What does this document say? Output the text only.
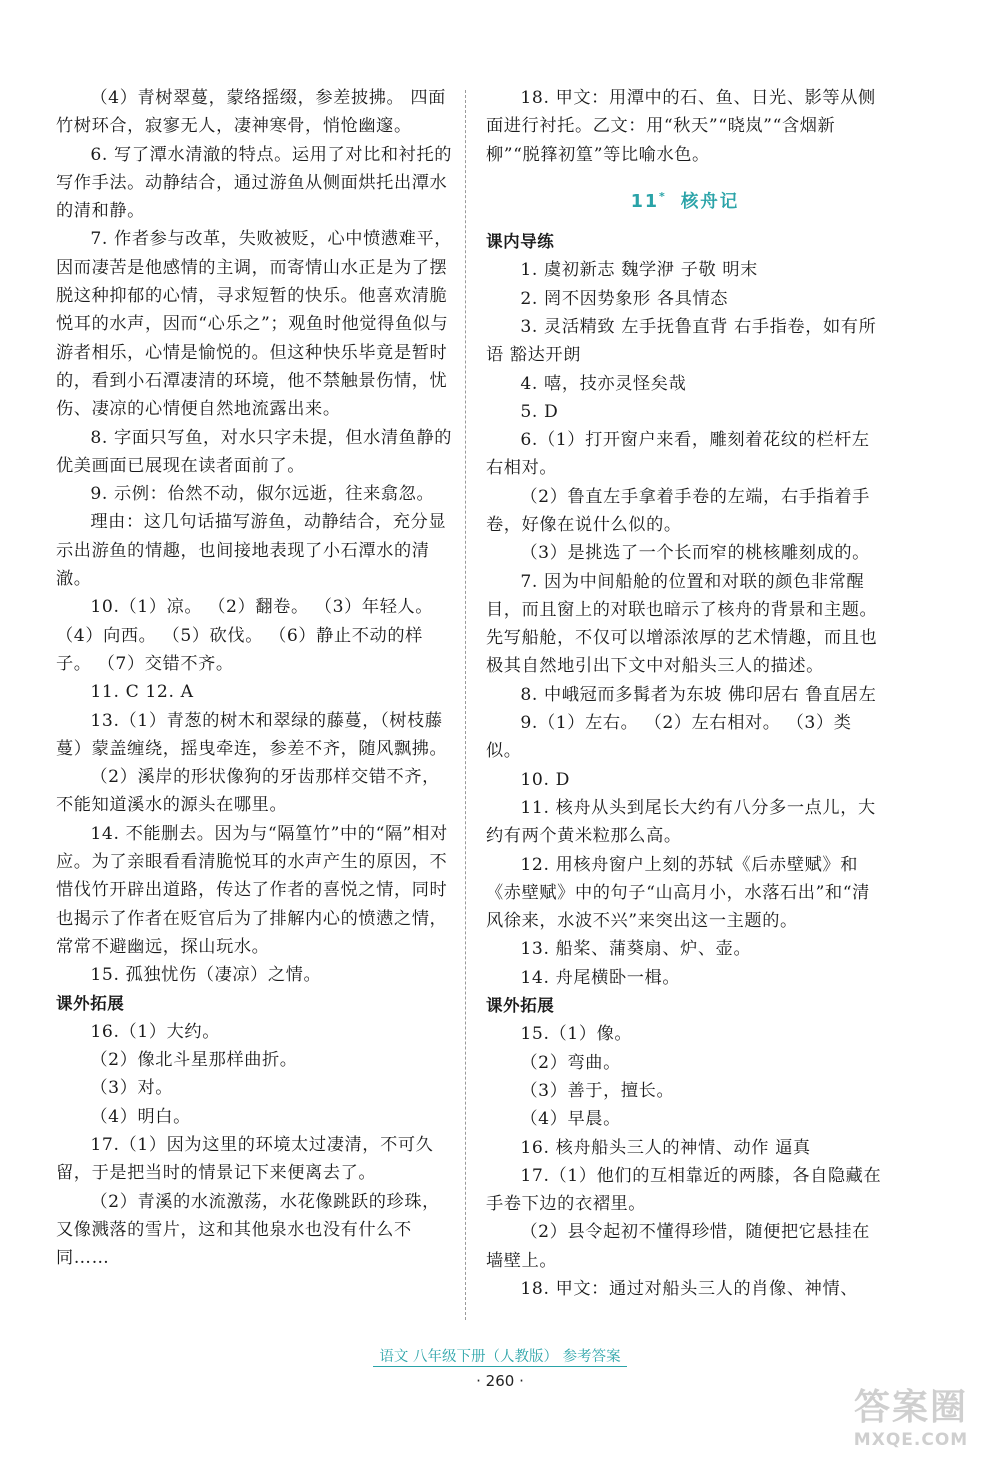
（4）青树翠蔓，蒙络摇缀，参差披拂。 四面竹树环合，寂寥无人，凄神寒骨，悄怆幽邃。
6. 写了潭水清澈的特点。运用了对比和衬托的写作手法。动静结合，通过游鱼从侧面烘托出潭水的清和静。
7. 作者参与改革，失败被贬，心中愤懑难平，因而凄苦是他感情的主调，而寄情山水正是为了摆脱这种抑郁的心情，寻求短暂的快乐。他喜欢清脆悦耳的水声，因而“心乐之”；观鱼时他觉得鱼似与游者相乐，心情是愉悦的。但这种快乐毕竟是暂时的，看到小石潭凄清的环境，他不禁触景伤情，忧伤、凄凉的心情便自然地流露出来。
8. 字面只写鱼，对水只字未提，但水清鱼静的优美画面已展现在读者面前了。
9. 示例：佁然不动，俶尔远逝，往来翕忽。
理由：这几句话描写游鱼，动静结合，充分显示出游鱼的情趣，也间接地表现了小石潭水的清澈。
10.（1）凉。 （2）翻卷。 （3）年轻人。 （4）向西。 （5）砍伐。 （6）静止不动的样子。 （7）交错不齐。
11. C 12. A
13.（1）青葱的树木和翠绿的藤蔓，（树枝藤蔓）蒙盖缠绕，摇曳牵连，参差不齐，随风飘拂。
（2）溪岸的形状像狗的牙齿那样交错不齐，不能知道溪水的源头在哪里。
14. 不能删去。因为与“隔篁竹”中的“隔”相对应。为了亲眼看看清脆悦耳的水声产生的原因，不惜伐竹开辟出道路，传达了作者的喜悦之情，同时也揭示了作者在贬官后为了排解内心的愤懑之情，常常不避幽远，探山玩水。
15. 孤独忧伤（凄凉）之情。
课外拓展
16.（1）大约。
（2）像北斗星那样曲折。
（3）对。
（4）明白。
17.（1）因为这里的环境太过凄清，不可久留，于是把当时的情景记下来便离去了。
（2）青溪的水流激荡，水花像跳跃的珍珠，又像溅落的雪片，这和其他泉水也没有什么不同……
18. 甲文：用潭中的石、鱼、日光、影等从侧面进行衬托。乙文：用“秋天”“晓岚”“含烟新柳”“脱箨初篁”等比喻水色。
11* 核舟记
课内导练
1. 虞初新志 魏学洢 子敬 明末
2. 罔不因势象形 各具情态
3. 灵活精致 左手抚鲁直背 右手指卷，如有所语 豁达开朗
4. 嘻，技亦灵怪矣哉
5. D
6.（1）打开窗户来看，雕刻着花纹的栏杆左右相对。
（2）鲁直左手拿着手卷的左端，右手指着手卷，好像在说什么似的。
（3）是挑选了一个长而窄的桃核雕刻成的。
7. 因为中间船舱的位置和对联的颜色非常醒目，而且窗上的对联也暗示了核舟的背景和主题。先写船舱，不仅可以增添浓厚的艺术情趣，而且也极其自然地引出下文中对船头三人的描述。
8. 中峨冠而多髯者为东坡 佛印居右 鲁直居左
9.（1）左右。 （2）左右相对。 （3）类似。
10. D
11. 核舟从头到尾长大约有八分多一点儿，大约有两个黄米粒那么高。
12. 用核舟窗户上刻的苏轼《后赤壁赋》和《赤壁赋》中的句子“山高月小，水落石出”和“清风徐来，水波不兴”来突出这一主题的。
13. 船桨、蒲葵扇、炉、壶。
14. 舟尾横卧一楫。
课外拓展
15.（1）像。
（2）弯曲。
（3）善于，擅长。
（4）早晨。
16. 核舟船头三人的神情、动作 逼真
17.（1）他们的互相靠近的两膝，各自隐藏在手卷下边的衣褶里。
（2）县令起初不懂得珍惜，随便把它悬挂在墙壁上。
18. 甲文：通过对船头三人的肖像、神情、
语文 八年级下册（人教版） 参考答案
· 260 ·
答案圈
MXQE.COM
